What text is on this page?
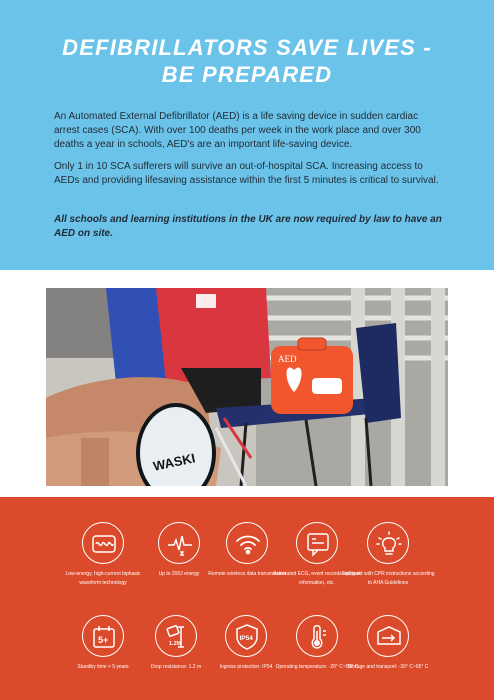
DEFIBRILLATORS SAVE LIVES -
BE PREPARED

An Automated External Defibrillator (AED) is a life saving device in sudden cardiac arrest cases (SCA). With over 100 deaths per week in the work place and over 300 deaths a year in schools, AED's are an important life-saving device.

Only 1 in 10 SCA sufferers will survive an out-of-hospital SCA. Increasing access to AEDs and providing lifesaving assistance within the first 5 minutes is critical to survival.

All schools and learning institutions in the UK are now required by law to have an AED on site.

AED
WASKI
Low-energy, high-current biphasic waveform technology
Up to 200J energy	Remote wireless data transmission
Annotated ECG, event records self-test information, etc.
Equipped with CPR instructions according to AHA Guidelines
5+
Standby time > 5 years
1.2M
Drop resistance: 1.2 m
IP54
Ingress protection: IP54 Operating temperature: -20° C~50° C
Storage and transport: -30° C~65° C
